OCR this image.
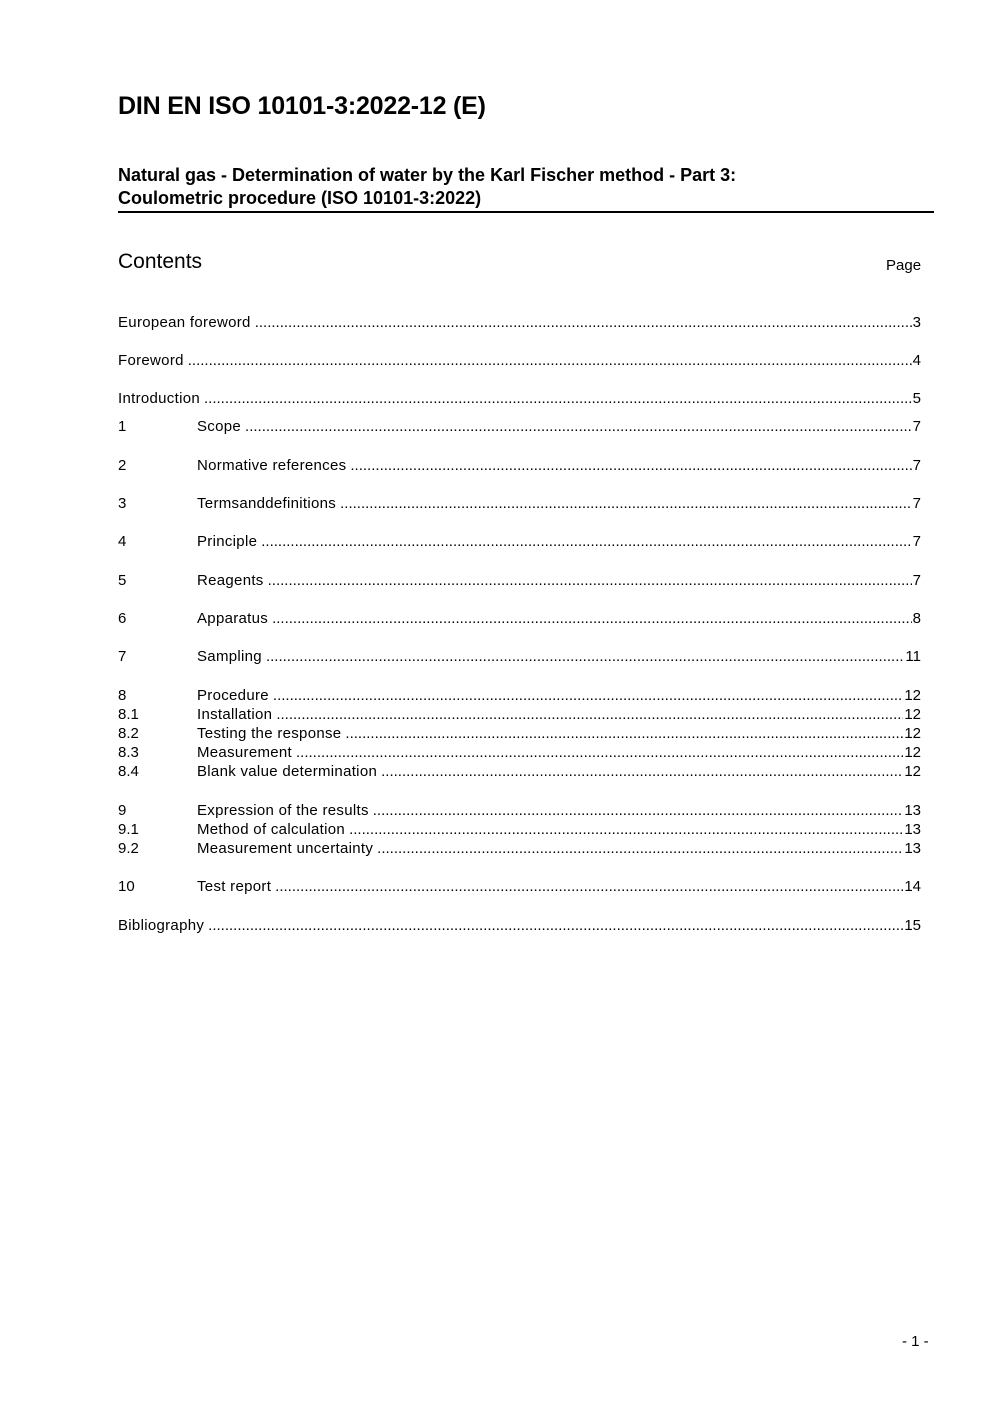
DIN EN ISO 10101-3:2022-12 (E)
Natural gas - Determination of water by the Karl Fischer method - Part 3:
Coulometric procedure (ISO 10101-3:2022)
Contents	Page
European foreword .....	3
Foreword .....	4
Introduction .....	5
1	Scope .....	7
2	Normative references .....	7
3	Termsanddefinitions .....	7
4	Principle .....	7
5	Reagents .....	7
6	Apparatus .....	8
7	Sampling .....	11
8	Procedure .....	12
8.1	Installation .....	12
8.2	Testing the response .....	12
8.3	Measurement .....	12
8.4	Blank value determination .....	12
9	Expression of the results .....	13
9.1	Method of calculation .....	13
9.2	Measurement uncertainty .....	13
10	Test report .....	14
Bibliography .....	15
- 1 -
